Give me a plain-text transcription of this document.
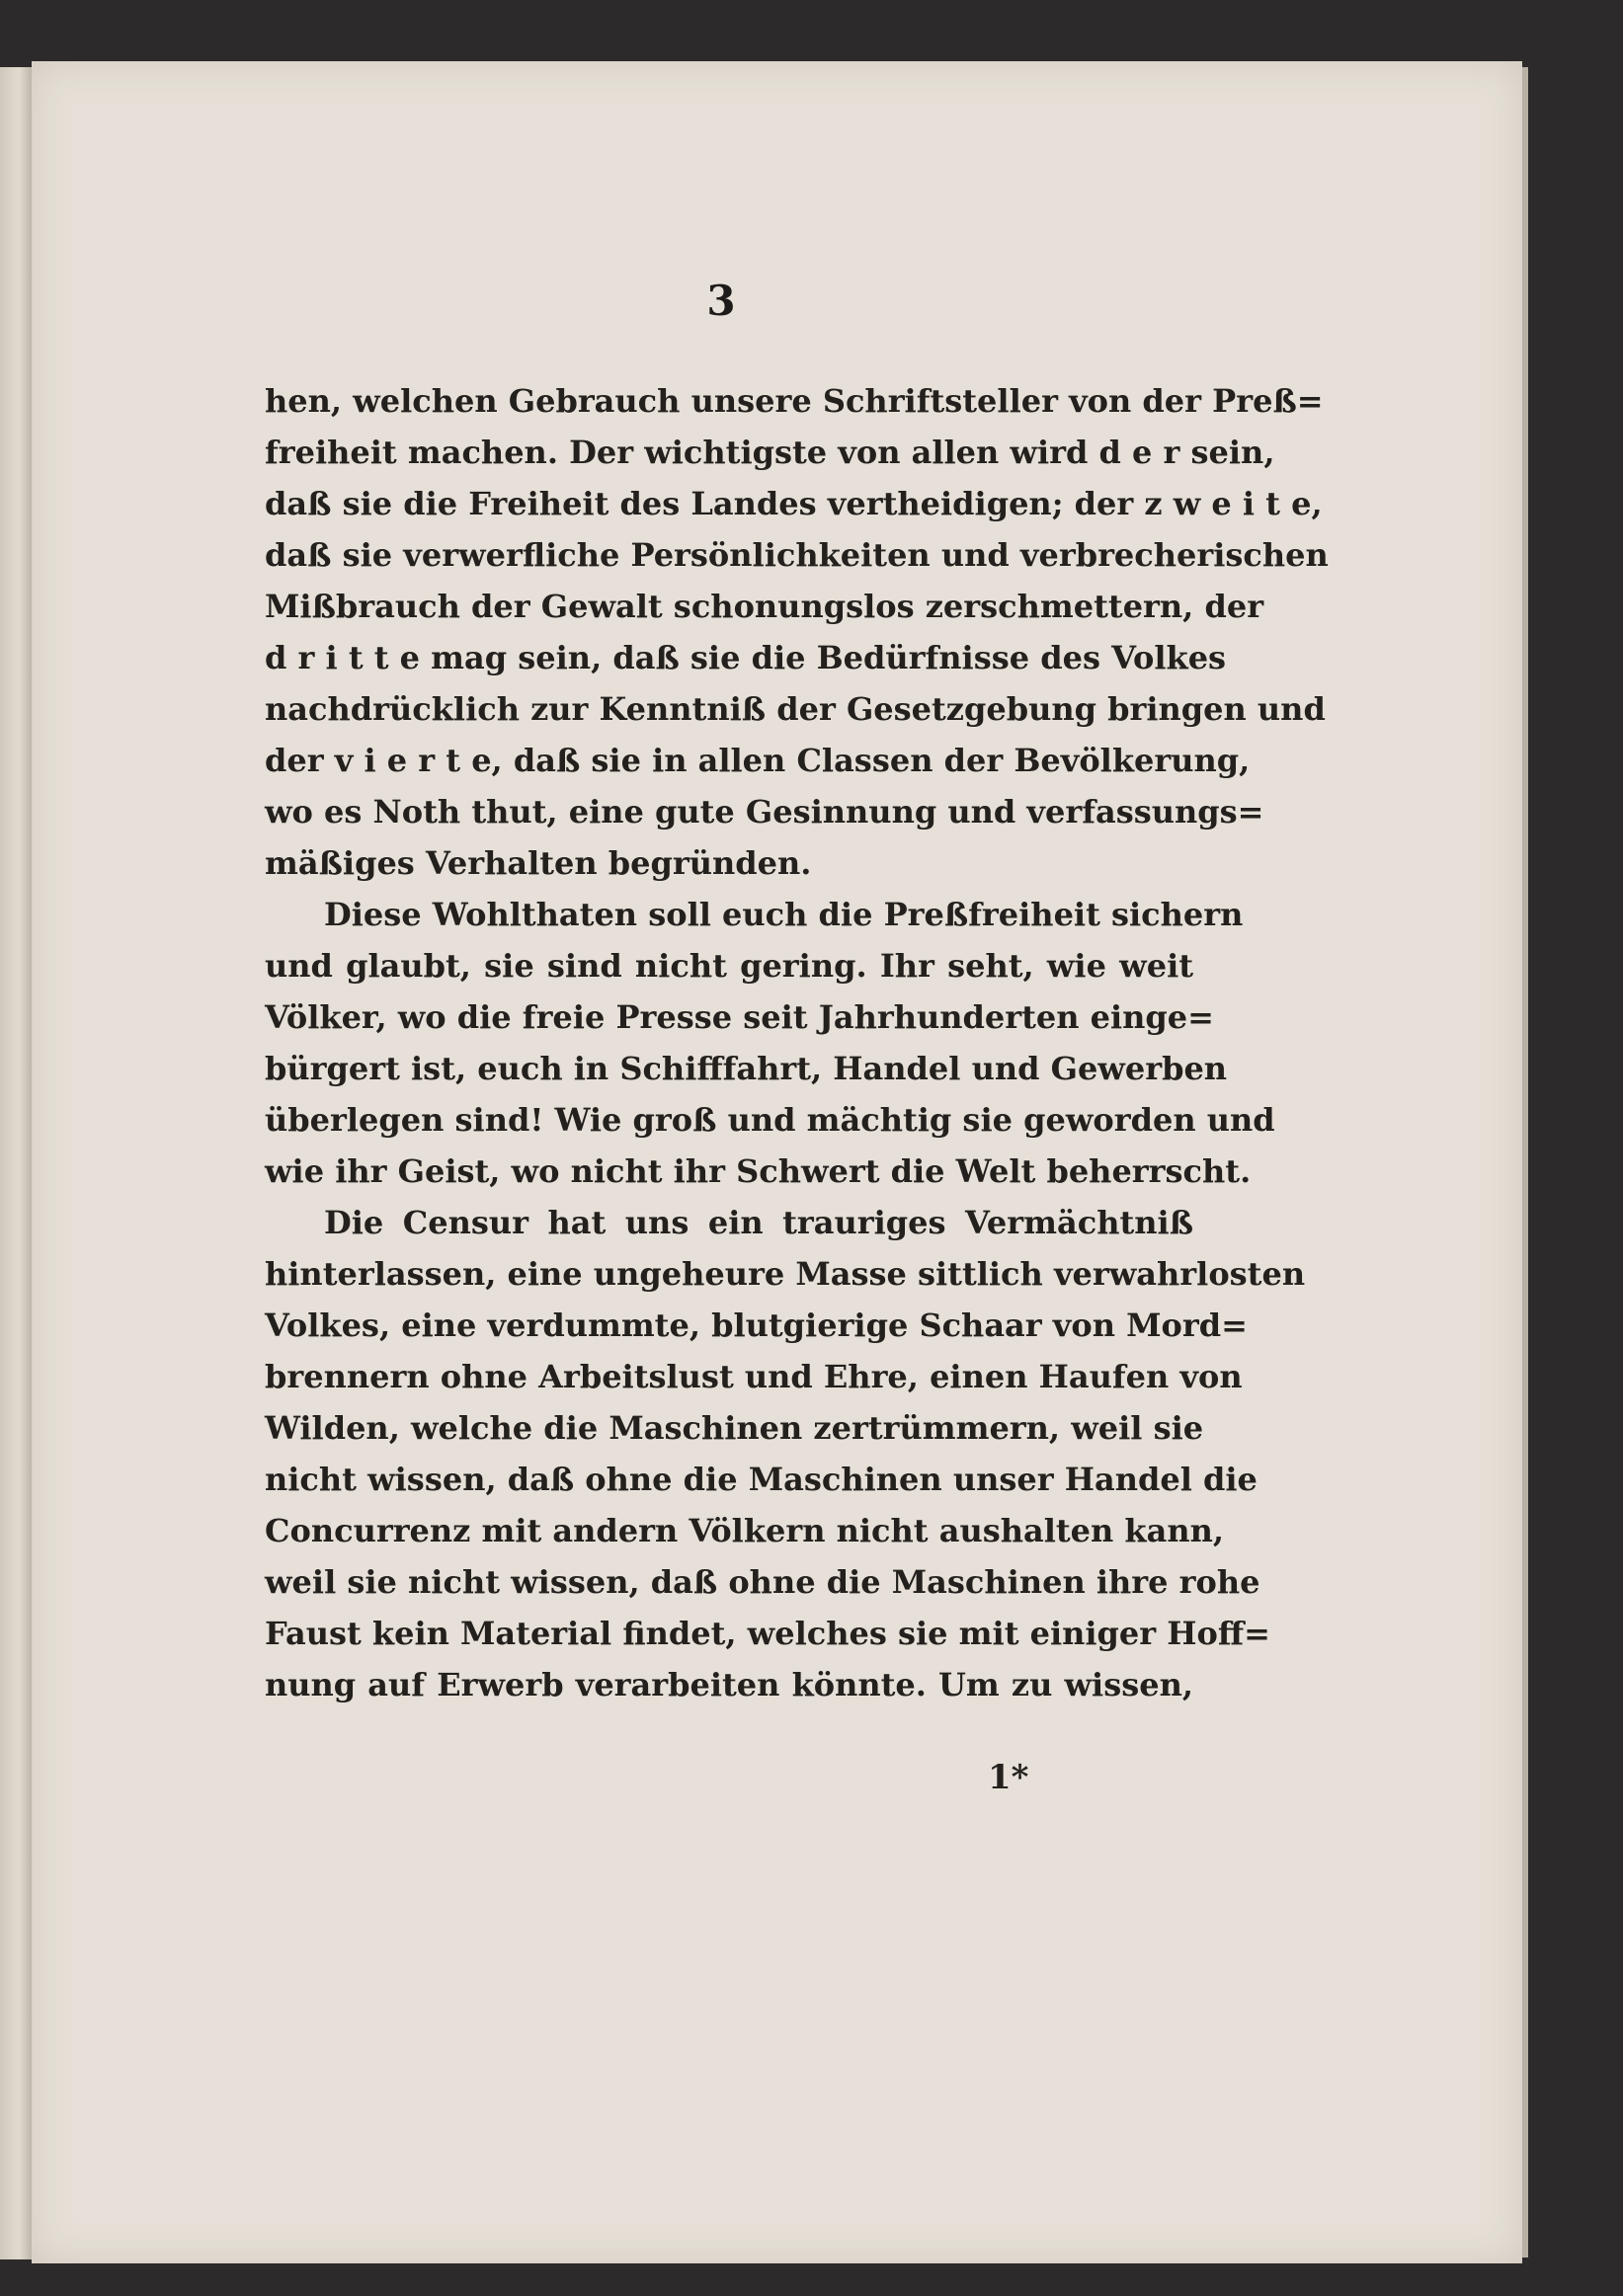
3
hen, welchen Gebrauch unsere Schriftsteller von der Preß=
freiheit machen. Der wichtigste von allen wird d e r sein,
daß sie die Freiheit des Landes vertheidigen; der z w e i t e,
daß sie verwerfliche Persönlichkeiten und verbrecherischen
Mißbrauch der Gewalt schonungslos zerschmettern, der
d r i t t e mag sein, daß sie die Bedürfnisse des Volkes
nachdrücklich zur Kenntniß der Gesetzgebung bringen und
der v i e r t e, daß sie in allen Classen der Bevölkerung,
wo es Noth thut, eine gute Gesinnung und verfassungs=
mäßiges Verhalten begründen.
Diese Wohlthaten soll euch die Preßfreiheit sichern
und glaubt, sie sind nicht gering. Ihr seht, wie weit
Völker, wo die freie Presse seit Jahrhunderten einge=
bürgert ist, euch in Schifffahrt, Handel und Gewerben
überlegen sind! Wie groß und mächtig sie geworden und
wie ihr Geist, wo nicht ihr Schwert die Welt beherrscht.
Die Censur hat uns ein trauriges Vermächtniß
hinterlassen, eine ungeheure Masse sittlich verwahrlosten
Volkes, eine verdummte, blutgierige Schaar von Mord=
brennern ohne Arbeitslust und Ehre, einen Haufen von
Wilden, welche die Maschinen zertrümmern, weil sie
nicht wissen, daß ohne die Maschinen unser Handel die
Concurrenz mit andern Völkern nicht aushalten kann,
weil sie nicht wissen, daß ohne die Maschinen ihre rohe
Faust kein Material findet, welches sie mit einiger Hoff=
nung auf Erwerb verarbeiten könnte. Um zu wissen,
1*
